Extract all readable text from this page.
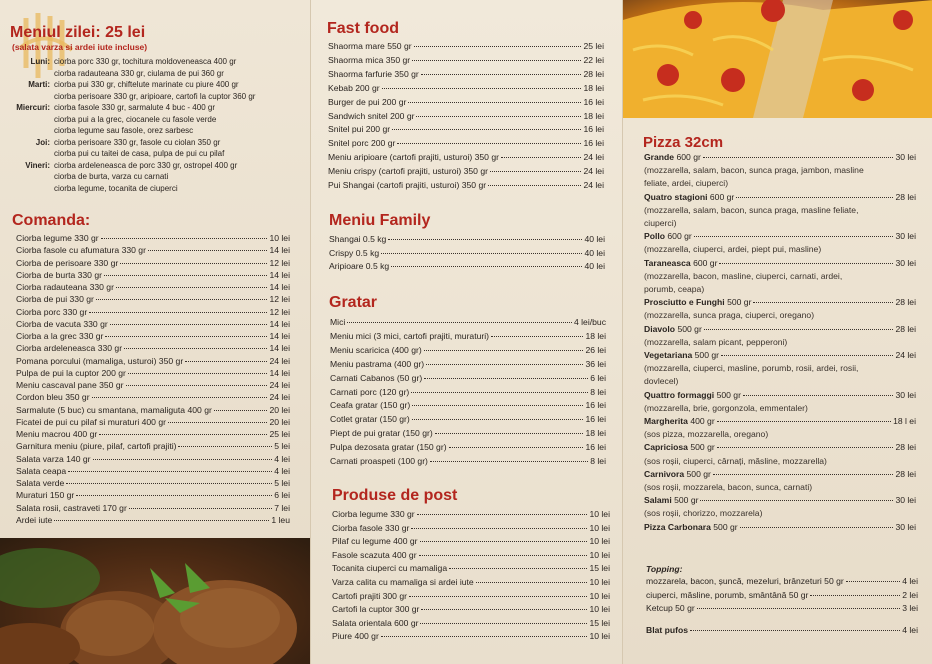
Meniul zilei: 25 lei
(salata varza si ardei iute incluse)
Luni: ciorba porc 330 gr, tochitura moldoveneasca 400 gr
ciorba radauteana 330 gr, ciulama de pui 360 gr
Marti: ciorba pui 330 gr, chiftelute marinate cu piure 400 gr
ciorba perisoare 330 gr, aripioare, cartofi la cuptor 360 gr
Miercuri: ciorba fasole 330 gr, sarmalute 4 buc - 400 gr
ciorba pui a la grec, ciocanele cu fasole verde
ciorba legume sau fasole, orez sarbesc
Joi: ciorba perisoare 330 gr, fasole cu ciolan 350 gr
ciorba pui cu taitei de casa, pulpa de pui cu pilaf
Vineri: ciorba ardeleneasca de porc 330 gr, ostropel 400 gr
ciorba de burta, varza cu carnati
ciorba legume, tocanita de ciuperci
Comanda:
Ciorba legume 330 gr	10 lei
Ciorba fasole cu afumatura 330 gr	14 lei
Ciorba de perisoare 330 gr	12 lei
Ciorba de burta 330 gr	14 lei
Ciorba radauteana 330 gr	14 lei
Ciorba de pui 330 gr	12 lei
Ciorba porc 330 gr	12 lei
Ciorba de vacuta 330 gr	14 lei
Ciorba a la grec 330 gr	14 lei
Ciorba ardeleneasca 330 gr	14 lei
Pomana porcului (mamaliga, usturoi) 350 gr	24 lei
Pulpa de pui la cuptor 200 gr	14 lei
Meniu cascaval pane 350 gr	24 lei
Cordon bleu 350 gr	24 lei
Sarmalute (5 buc) cu smantana, mamaliguta 400 gr	20 lei
Ficatei de pui cu pilaf si muraturi 400 gr	20 lei
Meniu macrou 400 gr	25 lei
Garnitura meniu (piure, pilaf, cartofi prajiti)	5 lei
Salata varza 140 gr	4 lei
Salata ceapa	4 lei
Salata verde	5 lei
Muraturi 150 gr	6 lei
Salata rosii, castraveti 170 gr	7 lei
Ardei iute	1 leu
Fast food
Shaorma mare 550 gr	25 lei
Shaorma mica 350 gr	22 lei
Shaorma farfurie 350 gr	28 lei
Kebab 200 gr	18 lei
Burger de pui 200 gr	16 lei
Sandwich snitel 200 gr	18 lei
Snitel pui 200 gr	16 lei
Snitel porc 200 gr	16 lei
Meniu aripioare (cartofi prajiti, usturoi) 350 gr	24 lei
Meniu crispy (cartofi prajiti, usturoi) 350 gr	24 lei
Pui Shangai (cartofi prajiti, usturoi) 350 gr	24 lei
Meniu Family
Shangai 0.5 kg	40 lei
Crispy 0.5 kg	40 lei
Aripioare 0.5 kg	40 lei
Gratar
Mici	4 lei/buc
Meniu mici (3 mici, cartofi prajiti, muraturi)	18 lei
Meniu scaricica (400 gr)	26 lei
Meniu pastrama (400 gr)	36 lei
Carnati Cabanos (50 gr)	6 lei
Carnati porc (120 gr)	8 lei
Ceafa gratar (150 gr)	16 lei
Cotlet gratar (150 gr)	16 lei
Piept de pui gratar (150 gr)	18 lei
Pulpa dezosata gratar (150 gr)	16 lei
Carnati proaspeti (100 gr)	8 lei
Produse de post
Ciorba legume 330 gr	10 lei
Ciorba fasole 330 gr	10 lei
Pilaf cu legume 400 gr	10 lei
Fasole scazuta 400 gr	10 lei
Tocanita ciuperci cu mamaliga	15 lei
Varza calita cu mamaliga si ardei iute	10 lei
Cartofi prajiti 300 gr	10 lei
Cartofi la cuptor 300 gr	10 lei
Salata orientala 600 gr	15 lei
Piure 400 gr	10 lei
Pizza 32cm
Grande
600 gr	30 lei
(mozzarella, salam, bacon, sunca praga, jambon, masline
feliate, ardei, ciuperci)
Quatro stagioni
600 gr	28 lei
(mozzarella, salam, bacon, sunca praga, masline feliate,
ciuperci)
Pollo
600 gr	30 lei
(mozzarella, ciuperci, ardei, piept pui, masline)
Taraneasca
600 gr	30 lei
(mozzarella, bacon, masline, ciuperci, carnati, ardei,
porumb, ceapa)
Prosciutto e Funghi
500 gr	28 lei
(mozzarella, sunca praga, ciuperci, oregano)
Diavolo
500 gr	28 lei
(mozzarella, salam picant, pepperoni)
Vegetariana
500 gr	24 lei
(mozzarella, ciuperci, masline, porumb, rosii, ardei, rosii,
dovlecel)
Quattro formaggi
500 gr	30 lei
(mozzarella, brie, gorgonzola, emmentaler)
Margherita
400 gr	18 l ei
(sos pizza, mozzarella, oregano)
Capriciosa
500 gr	28 lei
(sos roșii, ciuperci, cârnați, măsline, mozzarella)
Carnivora
500 gr	28 lei
(sos roșii, mozzarela, bacon, sunca, carnati)
Salami
500 gr	30 lei
(sos roșii, chorizzo, mozzarela)
Pizza Carbonara
500 gr	30 lei
Topping:
mozzarela, bacon, șuncă, mezeluri, brânzeturi 50 gr	4 lei
ciuperci, măsline, porumb, smântână 50 gr	2 lei
Ketcup 50 gr	3 lei
Blat pufos	4 lei
